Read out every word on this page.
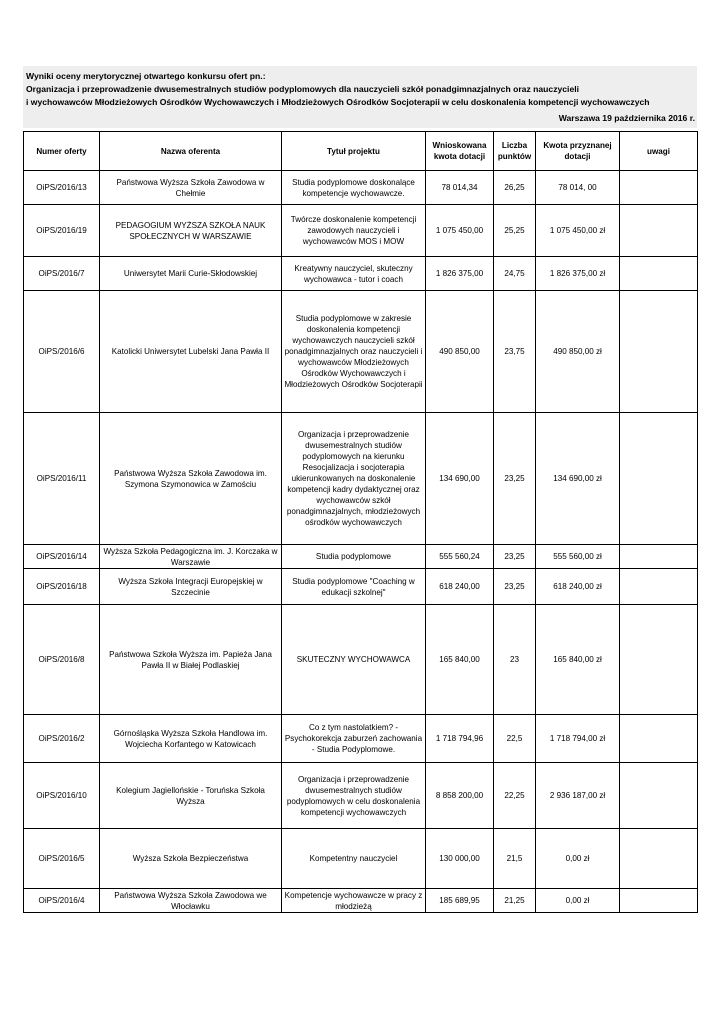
Wyniki oceny merytorycznej otwartego konkursu ofert pn.:
Organizacja i przeprowadzenie dwusemestralnych studiów podyplomowych dla nauczycieli szkół ponadgimnazjalnych oraz nauczycieli
i wychowawców Młodzieżowych Ośrodków Wychowawczych i Młodzieżowych Ośrodków Socjoterapii w celu doskonalenia kompetencji wychowawczych
Warszawa 19 października 2016 r.
Numer oferty	Nazwa oferenta	Tytuł projektu	Wnioskowana kwota dotacji	Liczba punktów	Kwota przyznanej dotacji	uwagi
OiPS/2016/13	Państwowa Wyższa Szkoła Zawodowa w Chełmie	Studia podyplomowe doskonalące kompetencje wychowawcze.	78 014,34	26,25	78 014, 00	
OiPS/2016/19	PEDAGOGIUM WYŻSZA SZKOŁA NAUK SPOŁECZNYCH W WARSZAWIE	Twórcze doskonalenie kompetencji zawodowych nauczycieli i wychowawców MOS i MOW	1 075 450,00	25,25	1 075 450,00 zł	
OiPS/2016/7	Uniwersytet Marii Curie-Skłodowskiej	Kreatywny nauczyciel, skuteczny wychowawca - tutor i coach	1 826 375,00	24,75	1 826 375,00 zł	
OiPS/2016/6	Katolicki Uniwersytet Lubelski Jana Pawła II	Studia podyplomowe w zakresie doskonalenia kompetencji wychowawczych nauczycieli szkół ponadgimnazjalnych oraz nauczycieli i wychowawców Młodzieżowych Ośrodków Wychowawczych i Młodzieżowych Ośrodków Socjoterapii	490 850,00	23,75	490 850,00 zł	
OiPS/2016/11	Państwowa Wyższa Szkoła Zawodowa im. Szymona Szymonowica w Zamościu	Organizacja i przeprowadzenie dwusemestralnych studiów podyplomowych na kierunku Resocjalizacja i socjoterapia ukierunkowanych na doskonalenie kompetencji kadry dydaktycznej oraz wychowawców szkół ponadgimnazjalnych, młodzieżowych ośrodków wychowawczych	134 690,00	23,25	134 690,00 zł	
OiPS/2016/14	Wyższa Szkoła Pedagogiczna im. J. Korczaka w Warszawie	Studia podyplomowe	555 560,24	23,25	555 560,00 zł	
OiPS/2016/18	Wyższa Szkoła Integracji Europejskiej w Szczecinie	Studia podyplomowe "Coaching w edukacji szkolnej"	618 240,00	23,25	618 240,00 zł	
OiPS/2016/8	Państwowa Szkoła Wyższa im. Papieża Jana Pawła II w Białej Podlaskiej	SKUTECZNY WYCHOWAWCA	165 840,00	23	165 840,00 zł	
OiPS/2016/2	Górnośląska Wyższa Szkoła Handlowa im. Wojciecha Korfantego w Katowicach	Co z tym nastolatkiem? - Psychokorekcja zaburzeń zachowania - Studia Podyplomowe.	1 718 794,96	22,5	1 718 794,00 zł	
OiPS/2016/10	Kolegium Jagiellońskie - Toruńska Szkoła Wyższa	Organizacja i przeprowadzenie dwusemestralnych studiów podyplomowych w celu doskonalenia kompetencji wychowawczych	8 858 200,00	22,25	2 936 187,00 zł	
OiPS/2016/5	Wyższa Szkoła Bezpieczeństwa	Kompetentny nauczyciel	130 000,00	21,5	0,00 zł	
OiPS/2016/4	Państwowa Wyższa Szkoła Zawodowa we Włocławku	Kompetencje wychowawcze w pracy z młodzieżą	185 689,95	21,25	0,00 zł	
